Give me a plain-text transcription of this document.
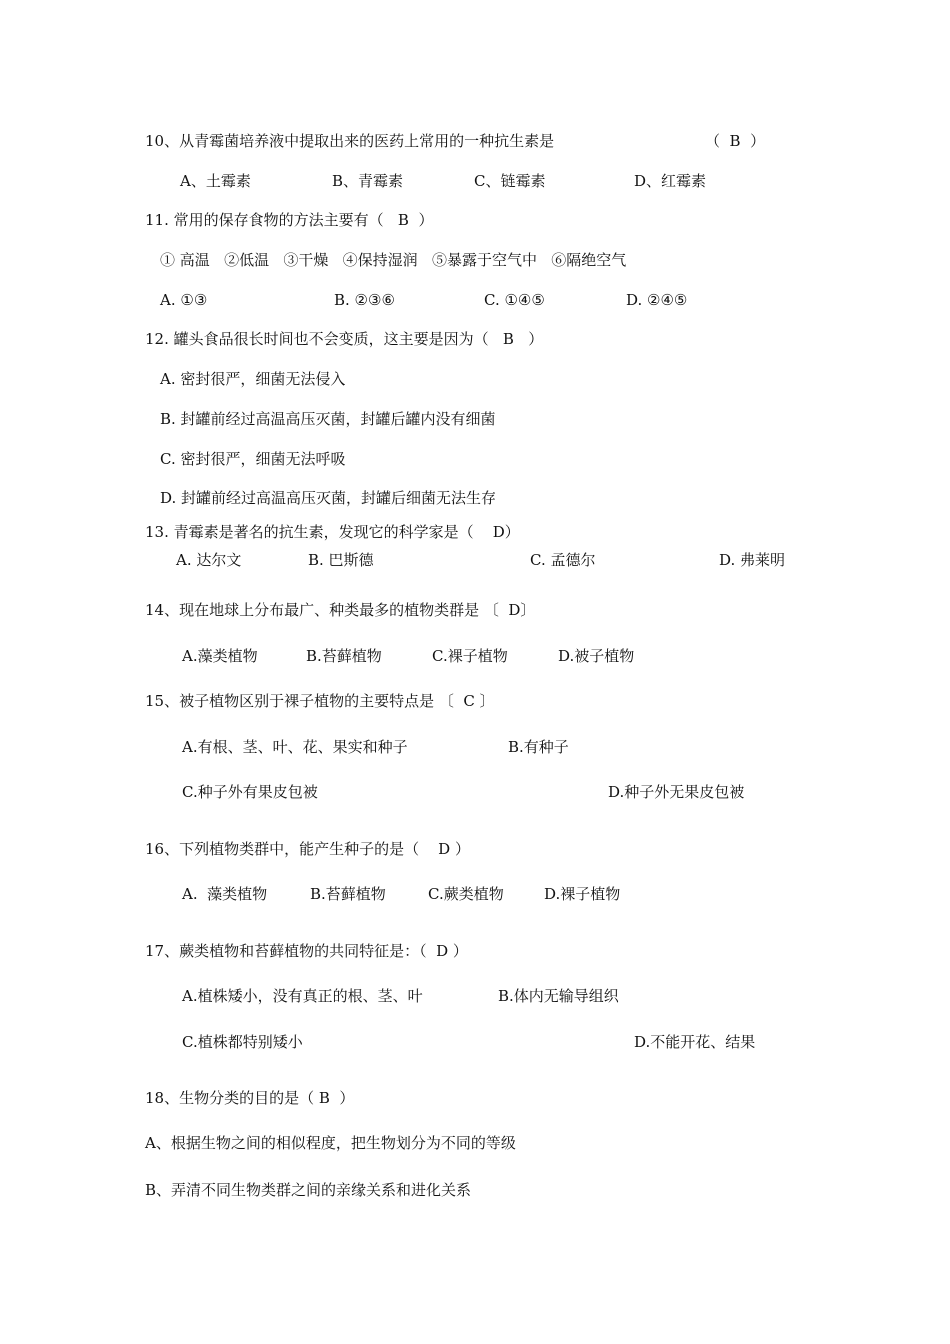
10、从青霉菌培养液中提取出来的医药上常用的一种抗生素是	（  B  ）
A、土霉素	B、青霉素	C、链霉素	D、红霉素
11. 常用的保存食物的方法主要有（   B  ）
① 高温   ②低温   ③干燥   ④保持湿润   ⑤暴露于空气中   ⑥隔绝空气
A. ①③	B. ②③⑥	C. ①④⑤	D. ②④⑤
12. 罐头食品很长时间也不会变质，这主要是因为（   B   ）
A. 密封很严，细菌无法侵入
B. 封罐前经过高温高压灭菌，封罐后罐内没有细菌
C. 密封很严，细菌无法呼吸
D. 封罐前经过高温高压灭菌，封罐后细菌无法生存
13. 青霉素是著名的抗生素，发现它的科学家是（    D）
A. 达尔文	B. 巴斯德	C. 孟德尔	D. 弗莱明
14、现在地球上分布最广、种类最多的植物类群是 〔  D〕
A.藻类植物	B.苔藓植物	C.裸子植物	D.被子植物
15、被子植物区别于裸子植物的主要特点是 〔  C 〕
A.有根、茎、叶、花、果实和种子	B.有种子
C.种子外有果皮包被	D.种子外无果皮包被
16、下列植物类群中，能产生种子的是（    D ）
A.  藻类植物	B.苔藓植物	C.蕨类植物	D.裸子植物
17、蕨类植物和苔藓植物的共同特征是：（  D ）
A.植株矮小，没有真正的根、茎、叶	B.体内无输导组织
C.植株都特别矮小	D.不能开花、结果
18、生物分类的目的是（ B  ）
A、根据生物之间的相似程度，把生物划分为不同的等级
B、弄清不同生物类群之间的亲缘关系和进化关系
